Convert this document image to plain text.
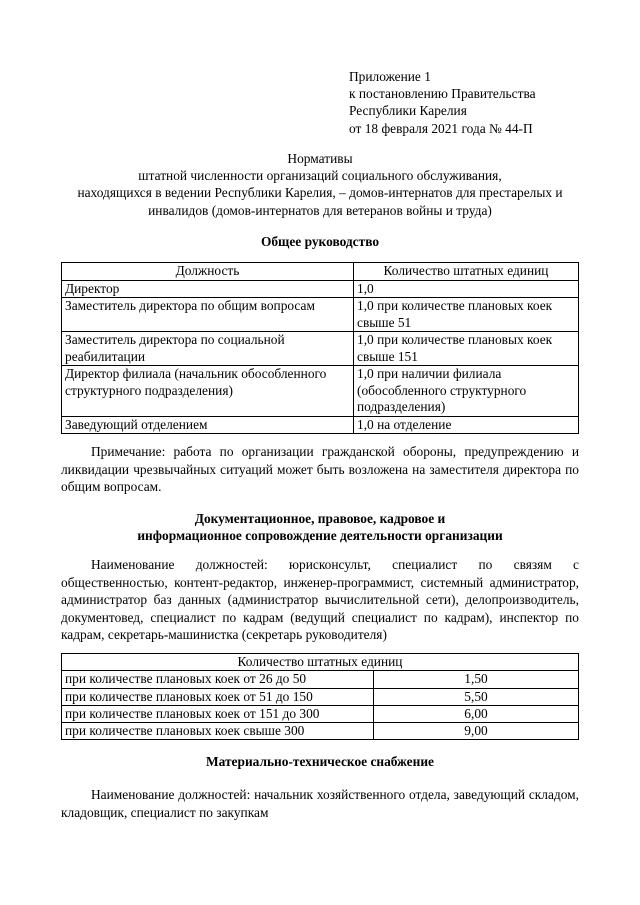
Приложение 1
к постановлению Правительства
Республики Карелия
от 18 февраля 2021 года № 44-П
Нормативы
штатной численности организаций социального обслуживания,
находящихся в ведении Республики Карелия, – домов-интернатов для престарелых и
инвалидов (домов-интернатов для ветеранов войны и труда)
Общее руководство
Должность	Количество штатных единиц
Директор	1,0
Заместитель директора по общим вопросам	1,0 при количестве плановых коек свыше 51
Заместитель директора по социальной реабилитации	1,0 при количестве плановых коек свыше 151
Директор филиала (начальник обособленного структурного подразделения)	1,0 при наличии филиала (обособленного структурного подразделения)
Заведующий отделением	1,0 на отделение
Примечание: работа по организации гражданской обороны, предупреждению и ликвидации чрезвычайных ситуаций может быть возложена на заместителя директора по общим вопросам.
Документационное, правовое, кадровое и
информационное сопровождение деятельности организации
Наименование должностей: юрисконсульт, специалист по связям с общественностью, контент-редактор, инженер-программист, системный администратор, администратор баз данных (администратор вычислительной сети), делопроизводитель, документовед, специалист по кадрам (ведущий специалист по кадрам), инспектор по кадрам, секретарь-машинистка (секретарь руководителя)
Количество штатных единиц	
при количестве плановых коек от 26 до 50	1,50
при количестве плановых коек от 51 до 150	5,50
при количестве плановых коек от 151 до 300	6,00
при количестве плановых коек свыше 300	9,00
Материально-техническое снабжение
Наименование должностей: начальник хозяйственного отдела, заведующий складом, кладовщик, специалист по закупкам
